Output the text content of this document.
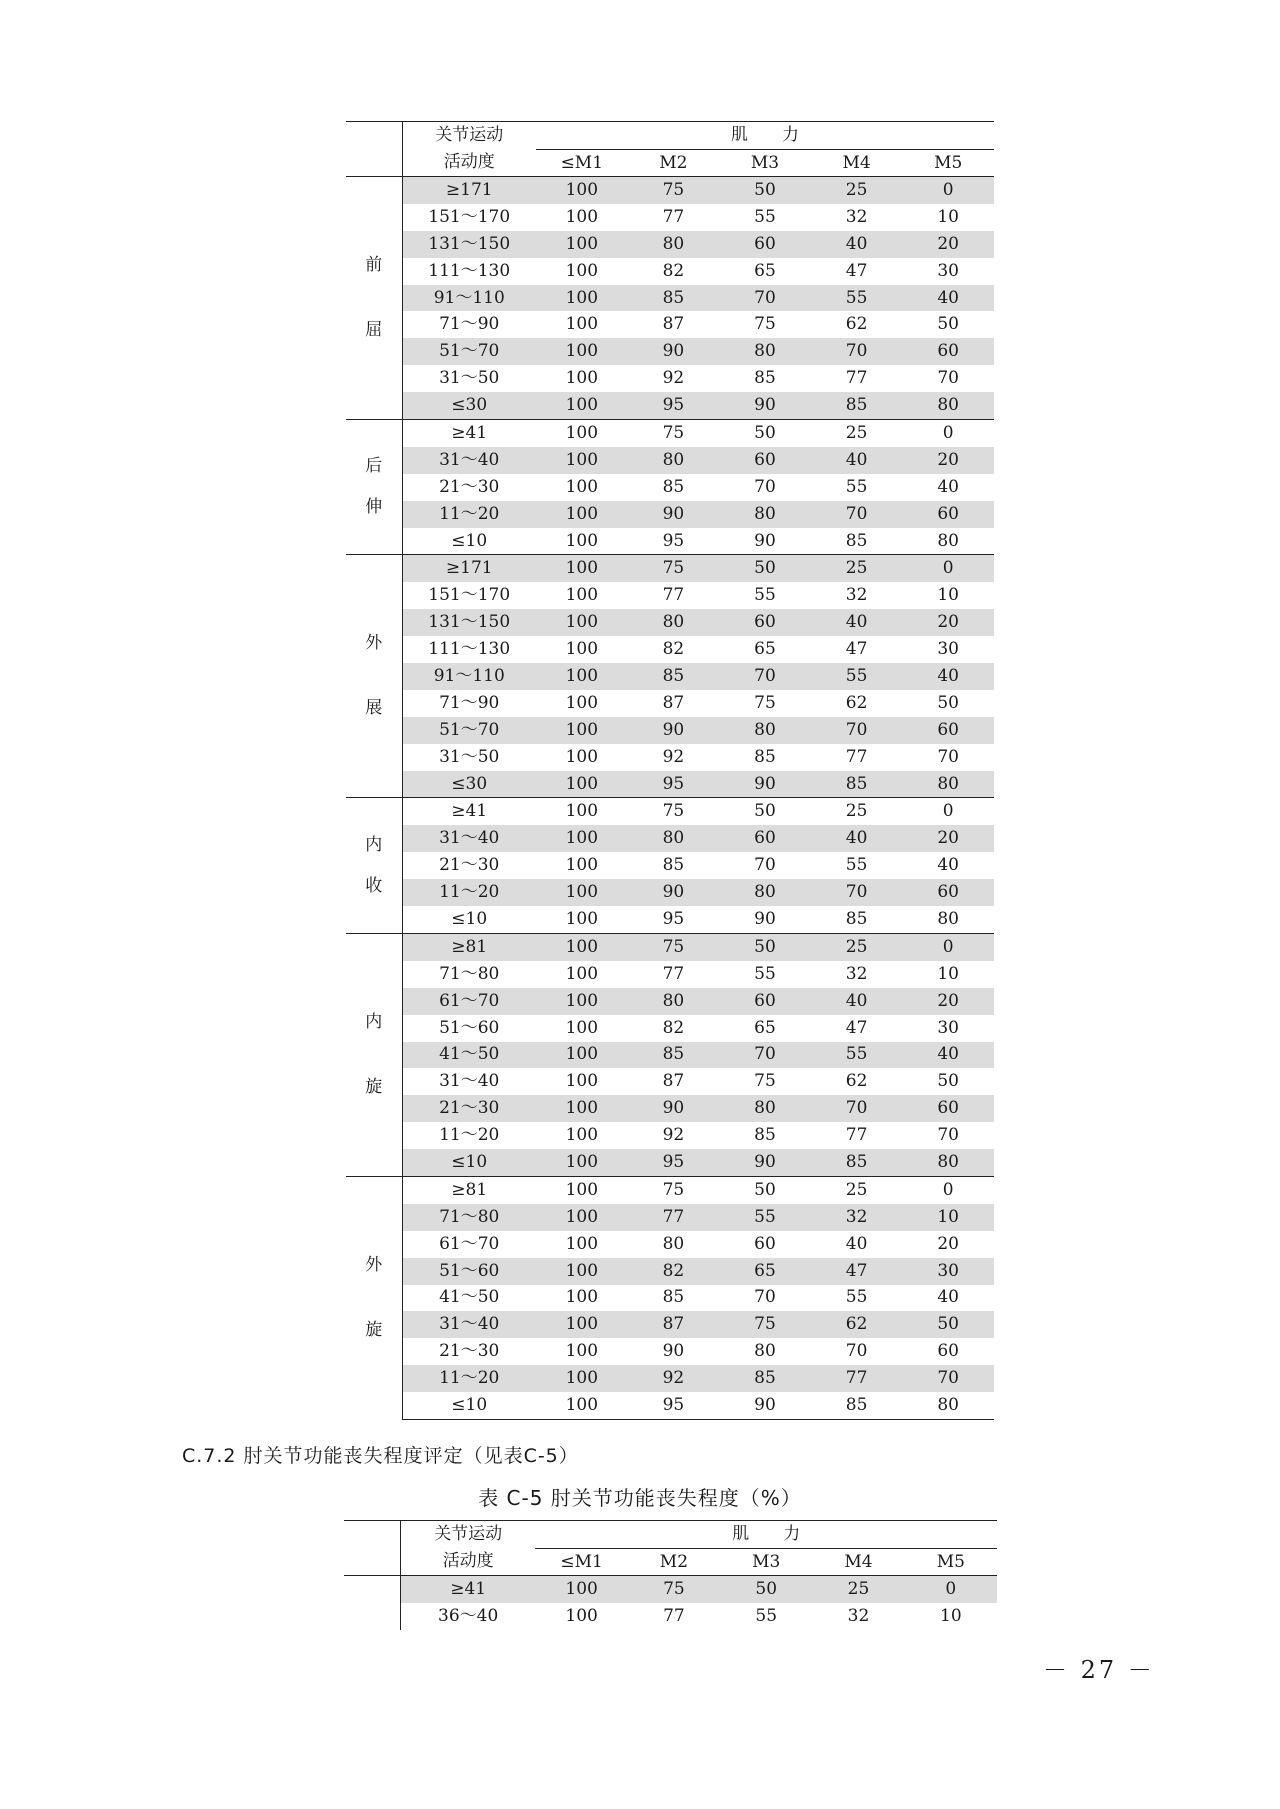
	关节运动	肌　　力				
	活动度	≤M1	M2	M3	M4	M5

前
屈	≥171	100	75	50	25	0
	151～170	100	77	55	32	10
	131～150	100	80	60	40	20
	111～130	100	82	65	47	30
	91～110	100	85	70	55	40
	71～90	100	87	75	62	50
	51～70	100	90	80	70	60
	31～50	100	92	85	77	70
	≤30	100	95	90	85	80

后
伸	≥41	100	75	50	25	0
	31～40	100	80	60	40	20
	21～30	100	85	70	55	40
	11～20	100	90	80	70	60
	≤10	100	95	90	85	80

外
展	≥171	100	75	50	25	0
	151～170	100	77	55	32	10
	131～150	100	80	60	40	20
	111～130	100	82	65	47	30
	91～110	100	85	70	55	40
	71～90	100	87	75	62	50
	51～70	100	90	80	70	60
	31～50	100	92	85	77	70
	≤30	100	95	90	85	80

内
收	≥41	100	75	50	25	0
	31～40	100	80	60	40	20
	21～30	100	85	70	55	40
	11～20	100	90	80	70	60
	≤10	100	95	90	85	80

内
旋	≥81	100	75	50	25	0
	71～80	100	77	55	32	10
	61～70	100	80	60	40	20
	51～60	100	82	65	47	30
	41～50	100	85	70	55	40
	31～40	100	87	75	62	50
	21～30	100	90	80	70	60
	11～20	100	92	85	77	70
	≤10	100	95	90	85	80

外
旋	≥81	100	75	50	25	0
	71～80	100	77	55	32	10
	61～70	100	80	60	40	20
	51～60	100	82	65	47	30
	41～50	100	85	70	55	40
	31～40	100	87	75	62	50
	21～30	100	90	80	70	60
	11～20	100	92	85	77	70
	≤10	100	95	90	85	80
C.7.2 肘关节功能丧失程度评定（见表C-5）
表 C-5 肘关节功能丧失程度（%）
	关节运动	肌　　力				
	活动度	≤M1	M2	M3	M4	M5
	≥41	100	75	50	25	0
	36～40	100	77	55	32	10
－ 27 －
